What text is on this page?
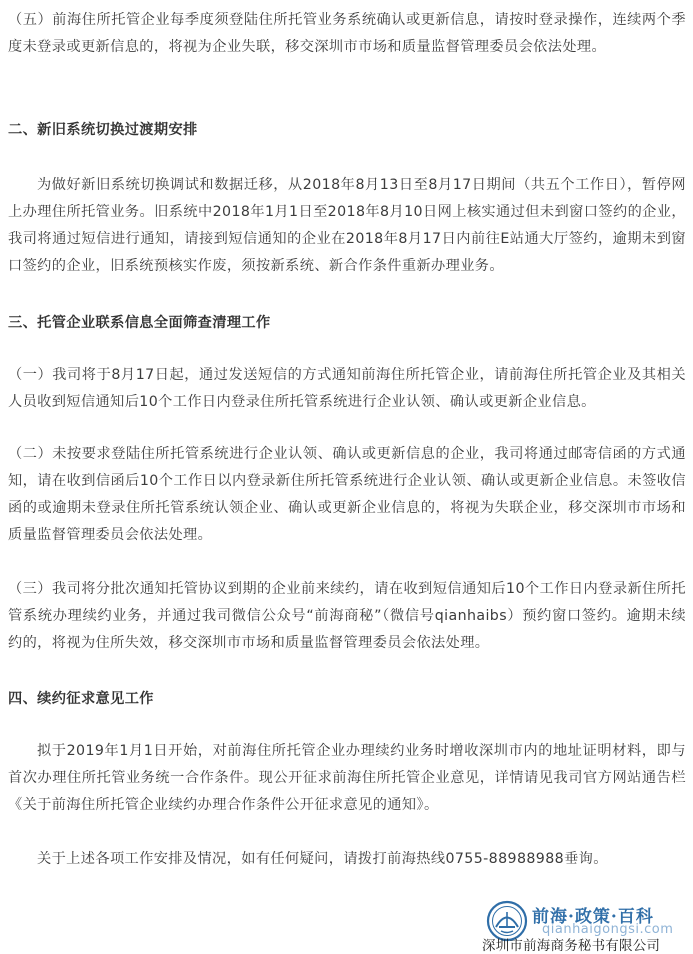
（五）前海住所托管企业每季度须登陆住所托管业务系统确认或更新信息，请按时登录操作，连续两个季度未登录或更新信息的，将视为企业失联，移交深圳市市场和质量监督管理委员会依法处理。

二、新旧系统切换过渡期安排

为做好新旧系统切换调试和数据迁移，从2018年8月13日至8月17日期间（共五个工作日），暂停网上办理住所托管业务。旧系统中2018年1月1日至2018年8月10日网上核实通过但未到窗口签约的企业，我司将通过短信进行通知，请接到短信通知的企业在2018年8月17日内前往E站通大厅签约，逾期未到窗口签约的企业，旧系统预核实作废，须按新系统、新合作条件重新办理业务。

三、托管企业联系信息全面筛查清理工作

（一）我司将于8月17日起，通过发送短信的方式通知前海住所托管企业，请前海住所托管企业及其相关人员收到短信通知后10个工作日内登录住所托管系统进行企业认领、确认或更新企业信息。

（二）未按要求登陆住所托管系统进行企业认领、确认或更新信息的企业，我司将通过邮寄信函的方式通知，请在收到信函后10个工作日以内登录新住所托管系统进行企业认领、确认或更新企业信息。未签收信函的或逾期未登录住所托管系统认领企业、确认或更新企业信息的，将视为失联企业，移交深圳市市场和质量监督管理委员会依法处理。

（三）我司将分批次通知托管协议到期的企业前来续约，请在收到短信通知后10个工作日内登录新住所托管系统办理续约业务，并通过我司微信公众号“前海商秘”（微信号qianhaibs）预约窗口签约。逾期未续约的，将视为住所失效，移交深圳市市场和质量监督管理委员会依法处理。

四、续约征求意见工作

拟于2019年1月1日开始，对前海住所托管企业办理续约业务时增收深圳市内的地址证明材料，即与首次办理住所托管业务统一合作条件。现公开征求前海住所托管企业意见，详情请见我司官方网站通告栏《关于前海住所托管企业续约办理合作条件公开征求意见的通知》。

关于上述各项工作安排及情况，如有任何疑问，请拨打前海热线0755-88988988垂询。

前海·政策·百科
qianhaigongsi.com
深圳市前海商务秘书有限公司
